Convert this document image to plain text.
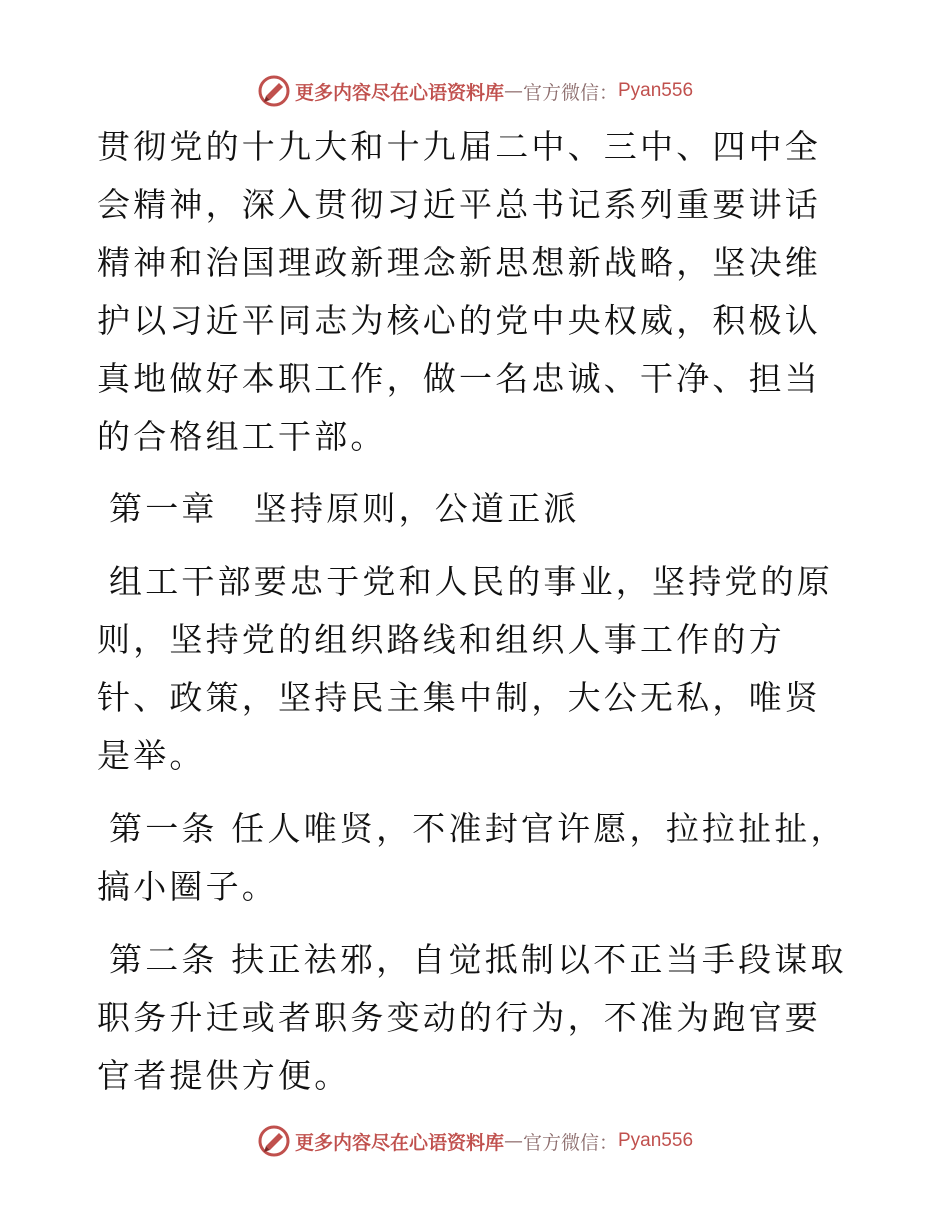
更多内容尽在心语资料库 — 官方微信： Pyan556

贯彻党的十九大和十九届二中、三中、四中全会精神，深入贯彻习近平总书记系列重要讲话精神和治国理政新理念新思想新战略，坚决维护以习近平同志为核心的党中央权威，积极认真地做好本职工作，做一名忠诚、干净、担当的合格组工干部。

第一章　坚持原则，公道正派

组工干部要忠于党和人民的事业，坚持党的原则，坚持党的组织路线和组织人事工作的方针、政策，坚持民主集中制，大公无私，唯贤是举。

第一条 任人唯贤，不准封官许愿，拉拉扯扯，搞小圈子。

第二条 扶正祛邪，自觉抵制以不正当手段谋取职务升迁或者职务变动的行为，不准为跑官要官者提供方便。

更多内容尽在心语资料库 — 官方微信： Pyan556
